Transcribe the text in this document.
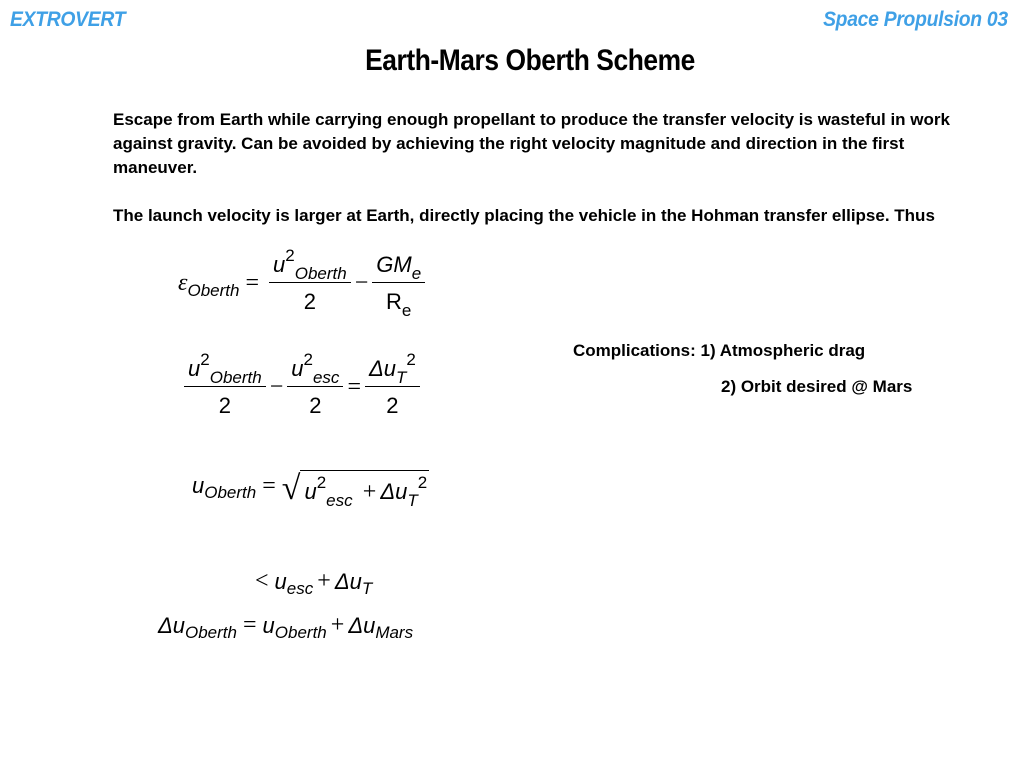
EXTROVERT	Space Propulsion 03
Earth-Mars Oberth Scheme
Escape from Earth while carrying enough propellant to produce the transfer velocity is wasteful in work against gravity. Can be avoided by achieving the right velocity magnitude and direction in the first maneuver.
The launch velocity is larger at Earth, directly placing the vehicle in the Hohman transfer ellipse. Thus
ε Oberth = $\frac{u^2_{Oberth}}{2} - \frac{GM_e}{R_e}$
$\frac{u^2_{Oberth}}{2} - \frac{u^2_{esc}}{2} = \frac{\Delta u_T^2}{2}$
u Oberth = √ $u^2_{esc} + \Delta u_T^2$
< u esc + Δu T
Δu Oberth = u Oberth + Δu Mars
Complications: 1) Atmospheric drag
2) Orbit desired @ Mars
